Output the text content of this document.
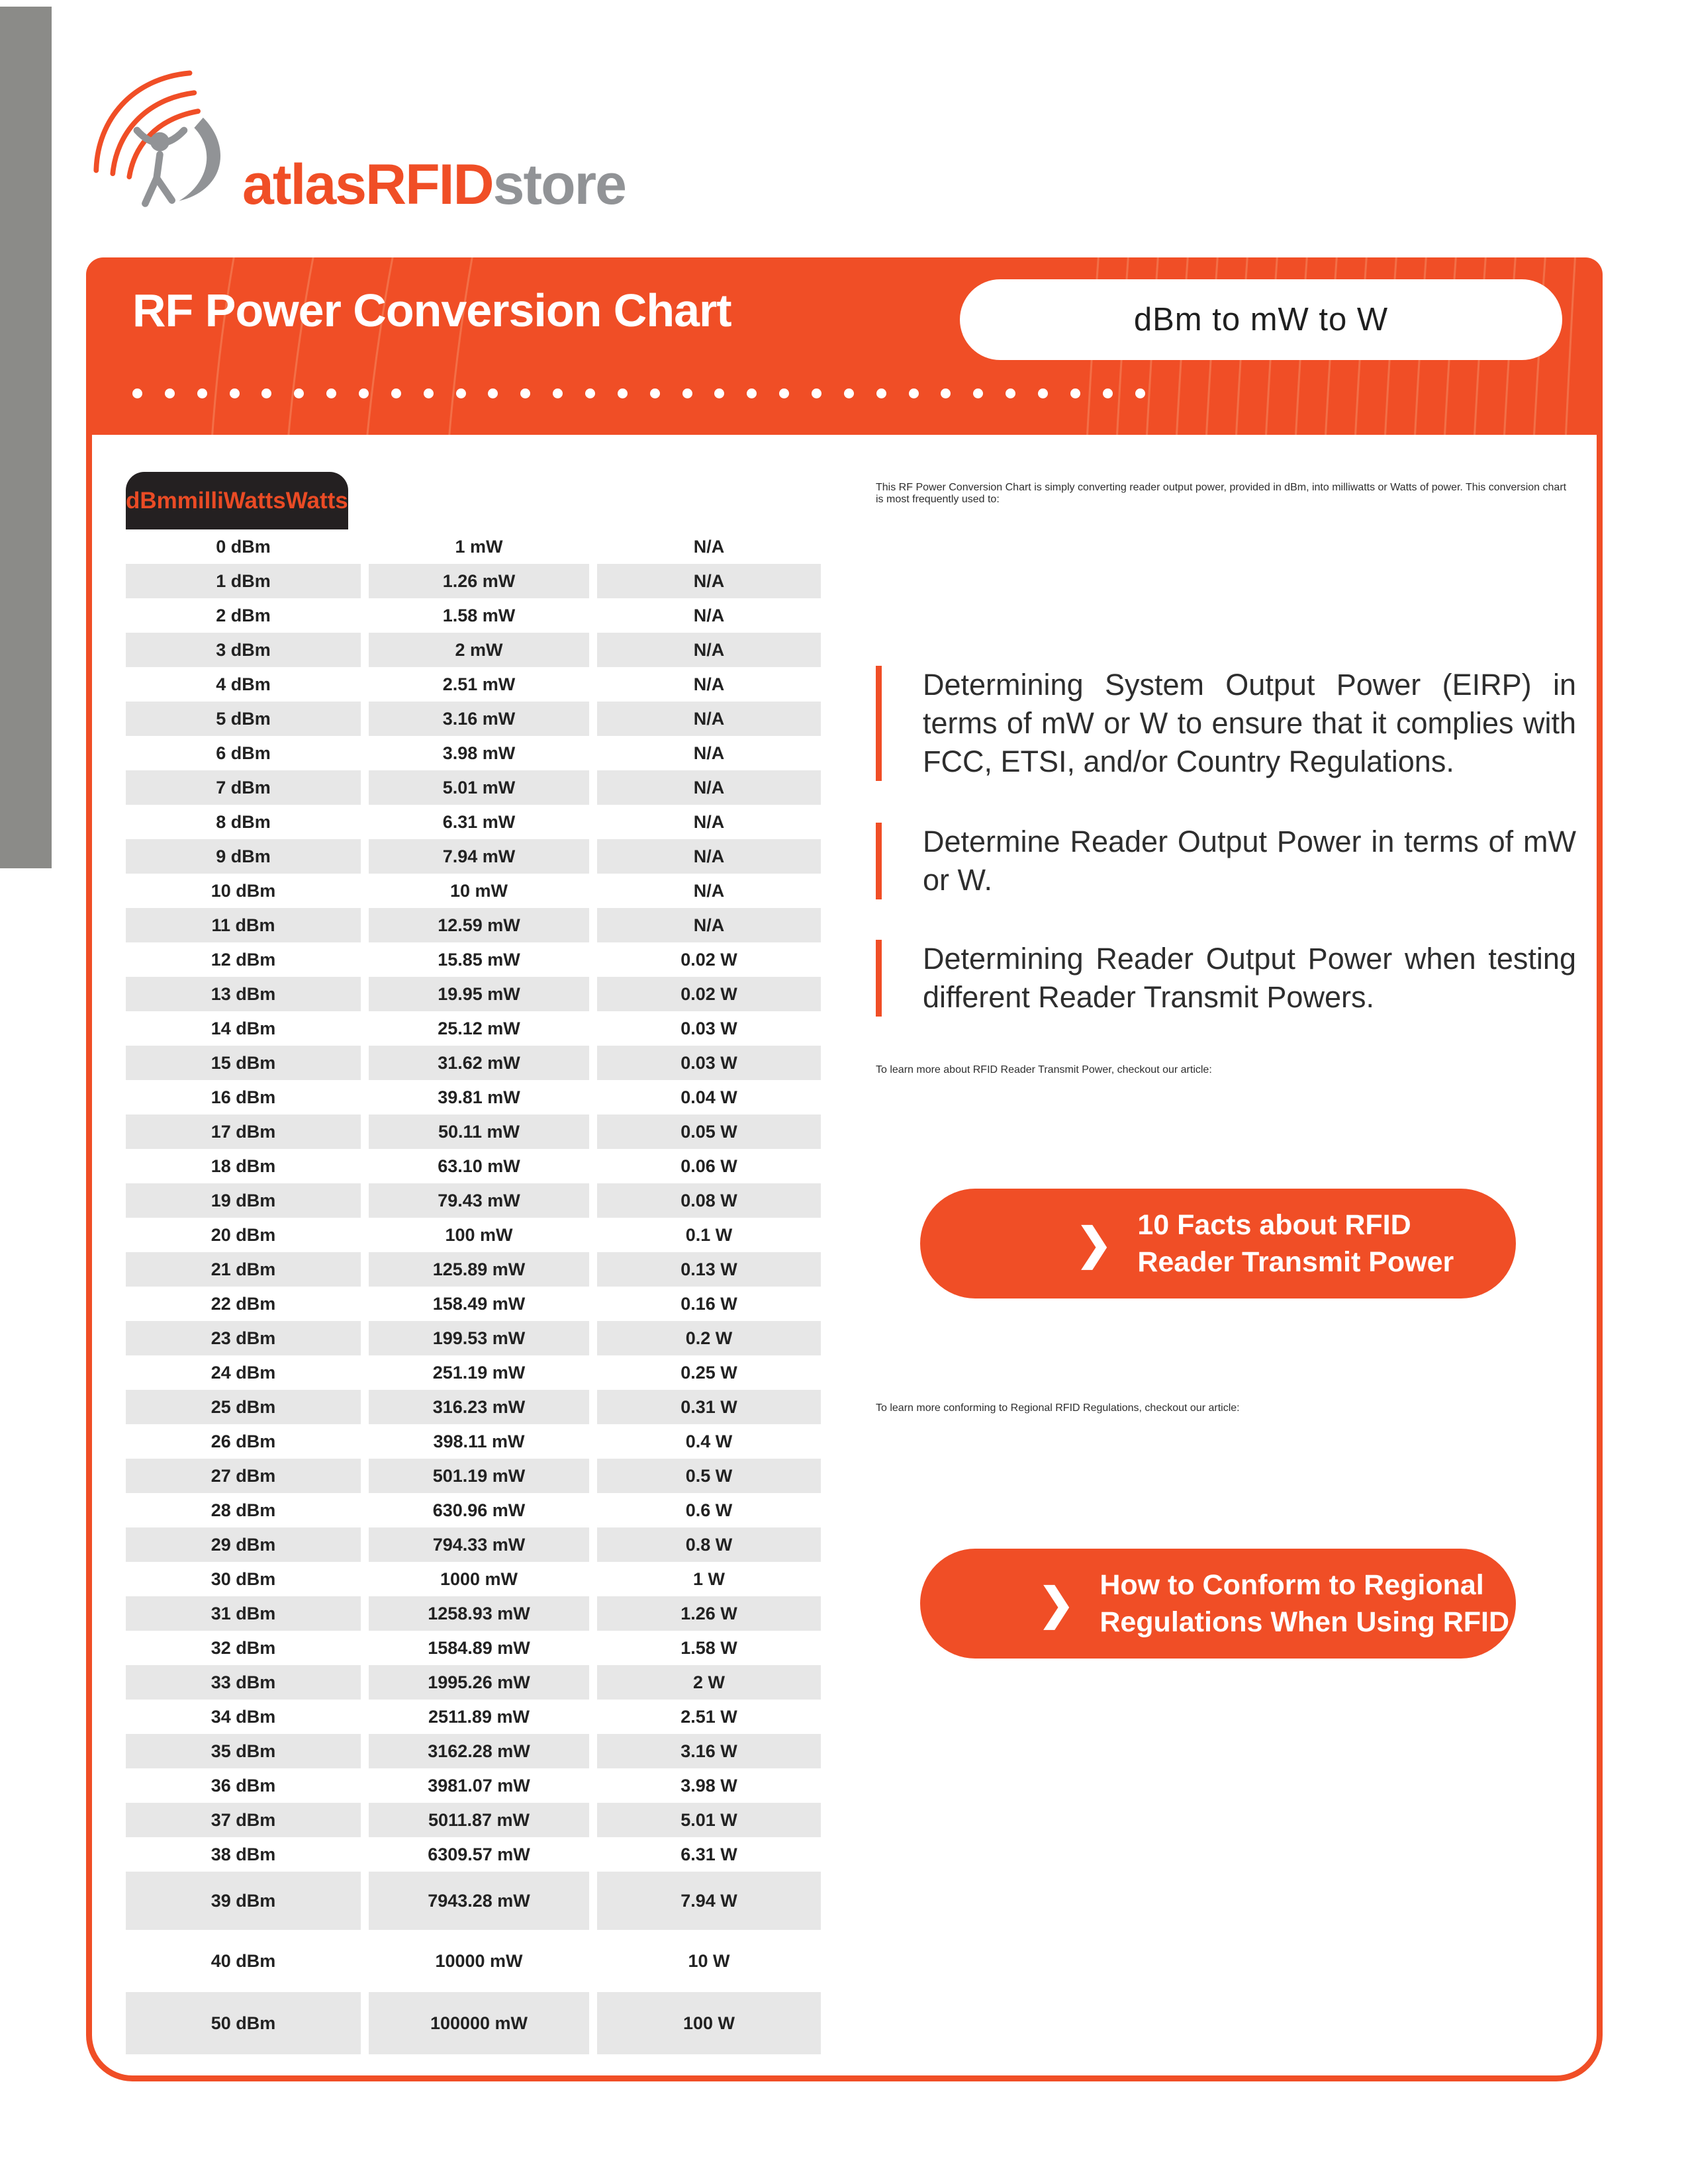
atlasRFIDstore
RF Power Conversion Chart	dBm to mW to W
dBm milliWatts Watts
0 dBm	1 mW	N/A
1 dBm	1.26 mW	N/A
2 dBm	1.58 mW	N/A
3 dBm	2 mW	N/A
4 dBm	2.51 mW	N/A
5 dBm	3.16 mW	N/A
6 dBm	3.98 mW	N/A
7 dBm	5.01 mW	N/A
8 dBm	6.31 mW	N/A
9 dBm	7.94 mW	N/A
10 dBm	10 mW	N/A
11 dBm	12.59 mW	N/A
12 dBm	15.85 mW	0.02 W
13 dBm	19.95 mW	0.02 W
14 dBm	25.12 mW	0.03 W
15 dBm	31.62 mW	0.03 W
16 dBm	39.81 mW	0.04 W
17 dBm	50.11 mW	0.05 W
18 dBm	63.10 mW	0.06 W
19 dBm	79.43 mW	0.08 W
20 dBm	100 mW	0.1 W
21 dBm	125.89 mW	0.13 W
22 dBm	158.49 mW	0.16 W
23 dBm	199.53 mW	0.2 W
24 dBm	251.19 mW	0.25 W
25 dBm	316.23 mW	0.31 W
26 dBm	398.11 mW	0.4 W
27 dBm	501.19 mW	0.5 W
28 dBm	630.96 mW	0.6 W
29 dBm	794.33 mW	0.8 W
30 dBm	1000 mW	1 W
31 dBm	1258.93 mW	1.26 W
32 dBm	1584.89 mW	1.58 W
33 dBm	1995.26 mW	2 W
34 dBm	2511.89 mW	2.51 W
35 dBm	3162.28 mW	3.16 W
36 dBm	3981.07 mW	3.98 W
37 dBm	5011.87 mW	5.01 W
38 dBm	6309.57 mW	6.31 W
39 dBm	7943.28 mW	7.94 W
40 dBm	10000 mW	10 W
50 dBm	100000 mW	100 W

This RF Power Conversion Chart is simply converting reader output power, provided in dBm, into milliwatts or Watts of power. This conversion chart is most frequently used to:

Determining System Output Power (EIRP) in terms of mW or W to ensure that it complies with FCC, ETSI, and/or Country Regulations.

Determine Reader Output Power in terms of mW or W.

Determining Reader Output Power when testing different Reader Transmit Powers.

To learn more about RFID Reader Transmit Power, checkout our article:

❯ 10 Facts about RFID
Reader Transmit Power

To learn more conforming to Regional RFID Regulations, checkout our article:

❯ How to Conform to Regional
Regulations When Using RFID
